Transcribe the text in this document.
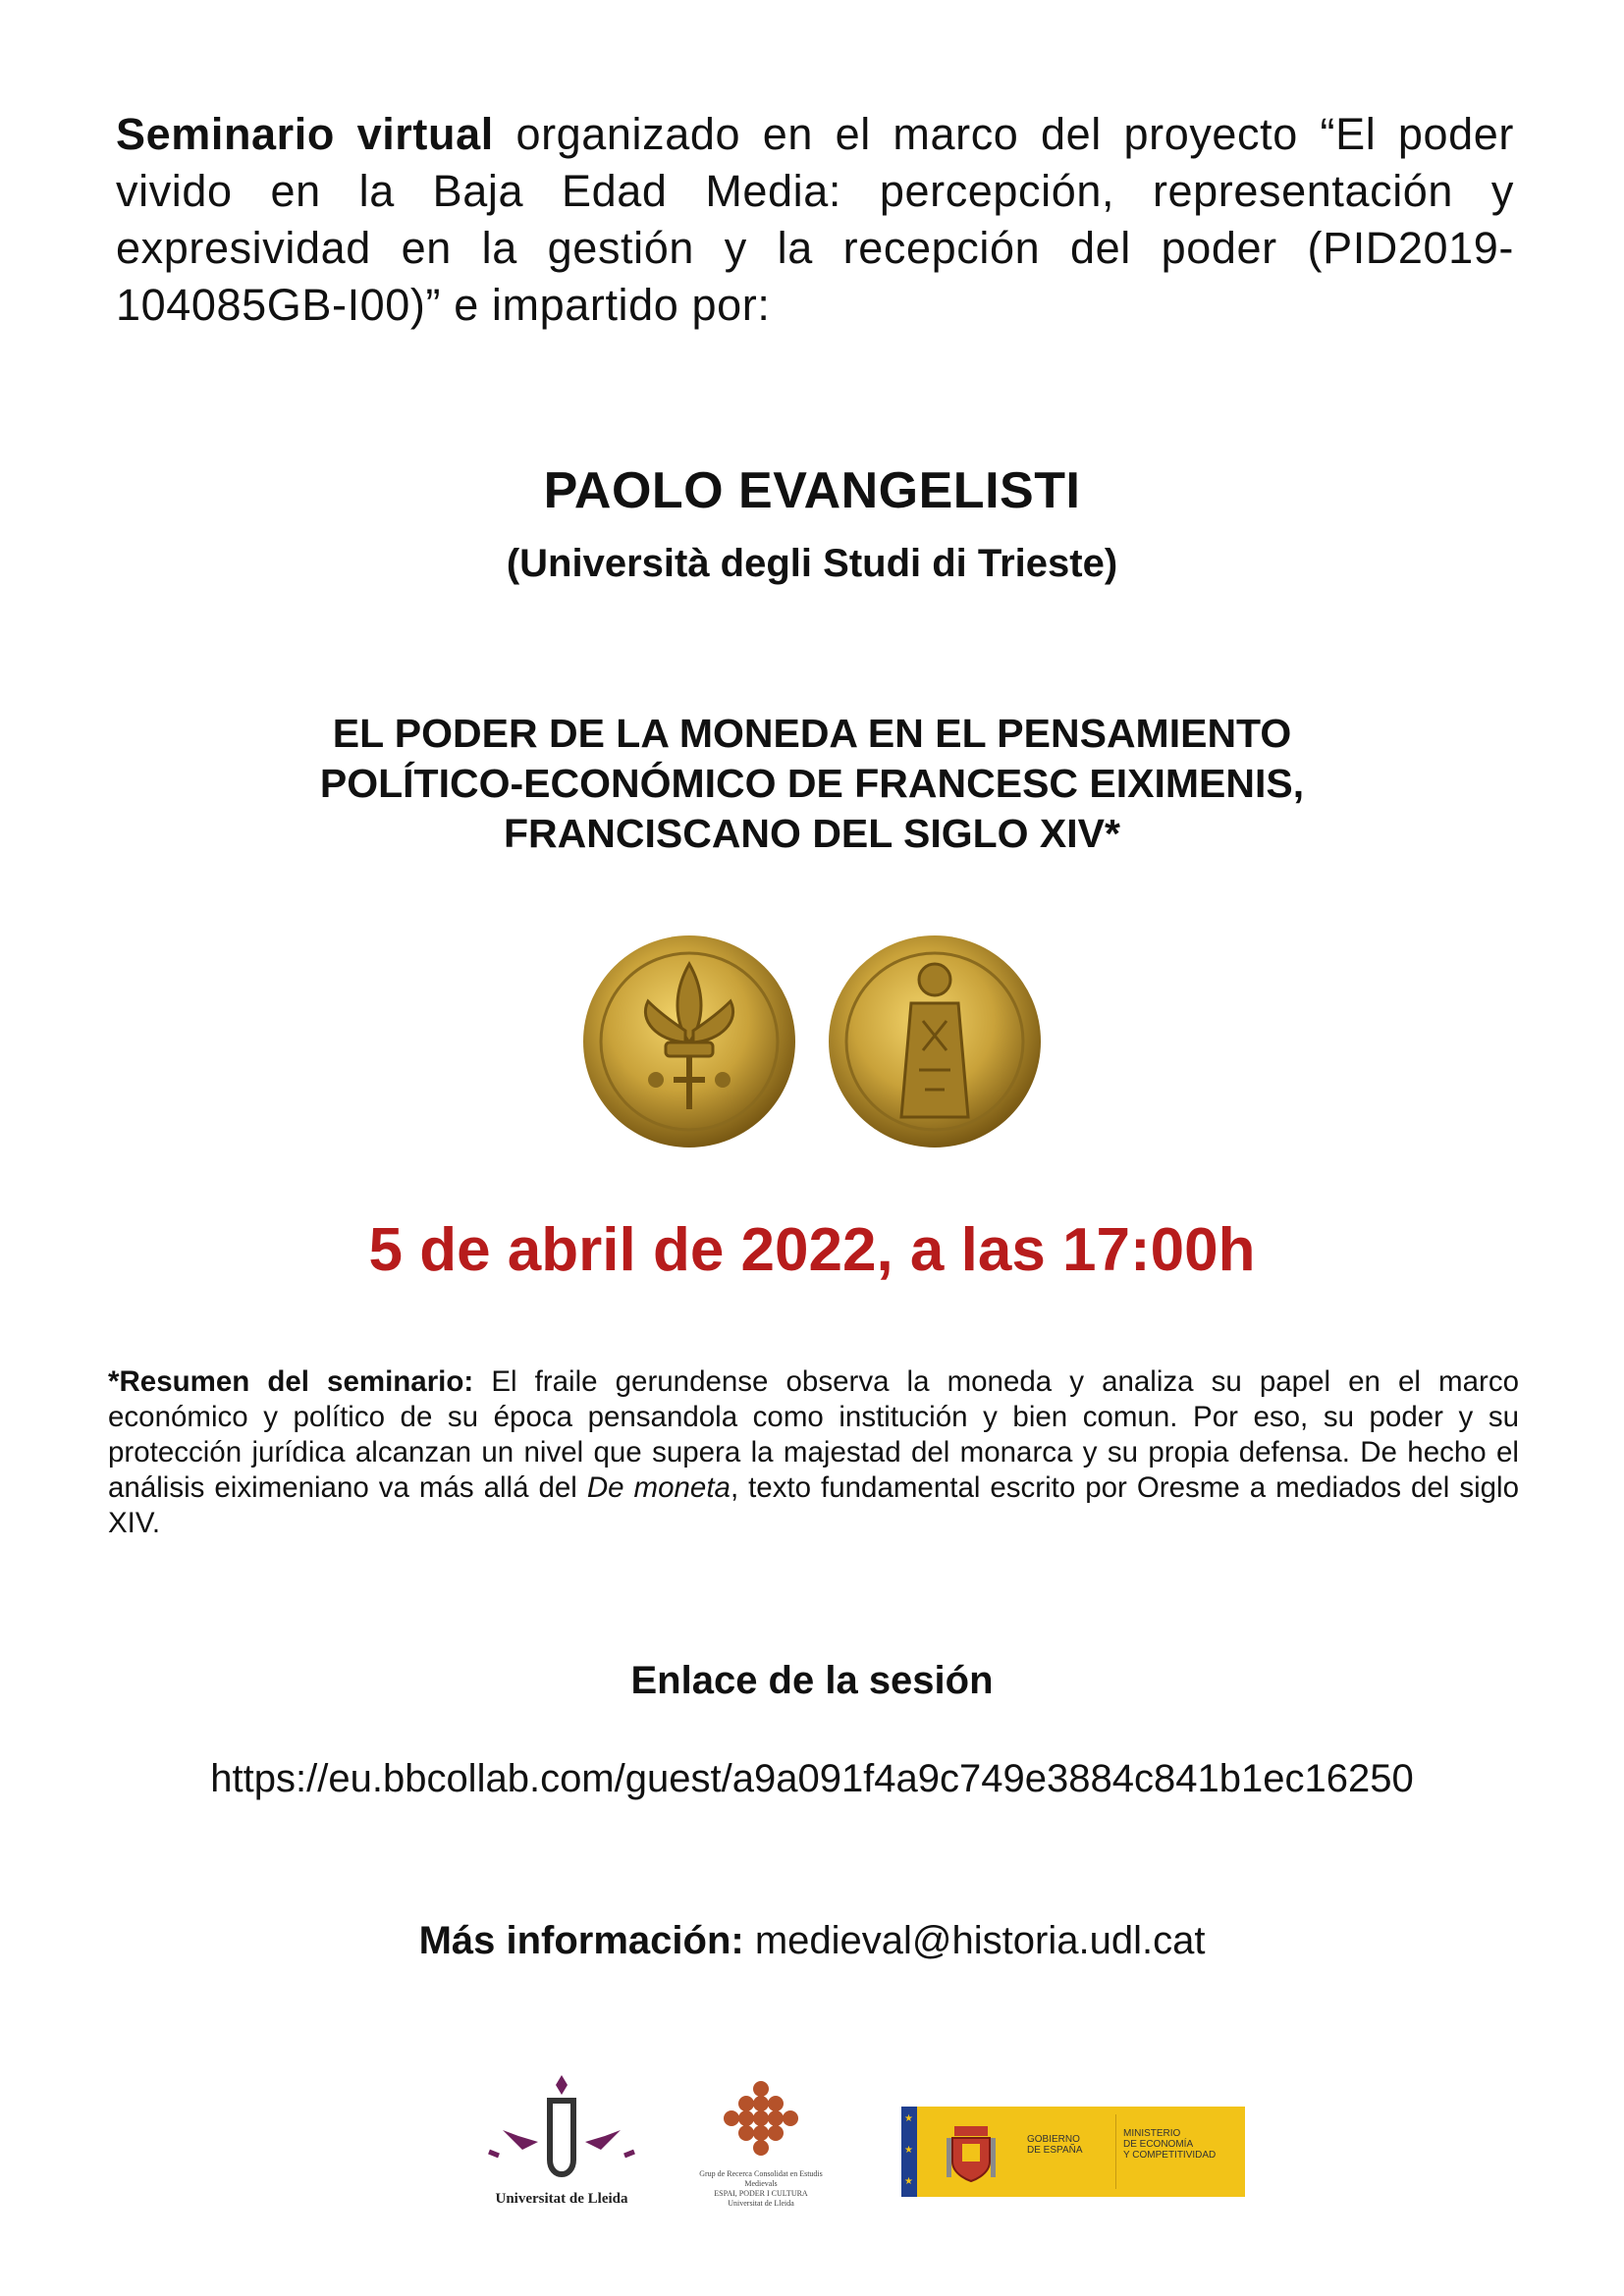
Seminario virtual organizado en el marco del proyecto “El poder vivido en la Baja Edad Media: percepción, representación y expresividad en la gestión y la recepción del poder (PID2019-104085GB-I00)” e impartido por:
PAOLO EVANGELISTI
(Università degli Studi di Trieste)
EL PODER DE LA MONEDA EN EL PENSAMIENTO
POLÍTICO-ECONÓMICO DE FRANCESC EIXIMENIS,
FRANCISCANO DEL SIGLO XIV*
5 de abril de 2022, a las 17:00h
*Resumen del seminario: El fraile gerundense observa la moneda y analiza su papel en el marco económico y político de su época pensandola como institución y bien comun. Por eso, su poder y su protección jurídica alcanzan un nivel que supera la majestad del monarca y su propia defensa. De hecho el análisis eiximeniano va más allá del De moneta, texto fundamental escrito por Oresme a mediados del siglo XIV.
Enlace de la sesión
https://eu.bbcollab.com/guest/a9a091f4a9c749e3884c841b1ec16250
Más información: medieval@historia.udl.cat
Universitat de Lleida
Grup de Recerca Consolidat en Estudis
Medievals
ESPAI, PODER I CULTURA
Universitat de Lleida
★
★
★
GOBIERNO
DE ESPAÑA
MINISTERIO
DE ECONOMÍA
Y COMPETITIVIDAD
